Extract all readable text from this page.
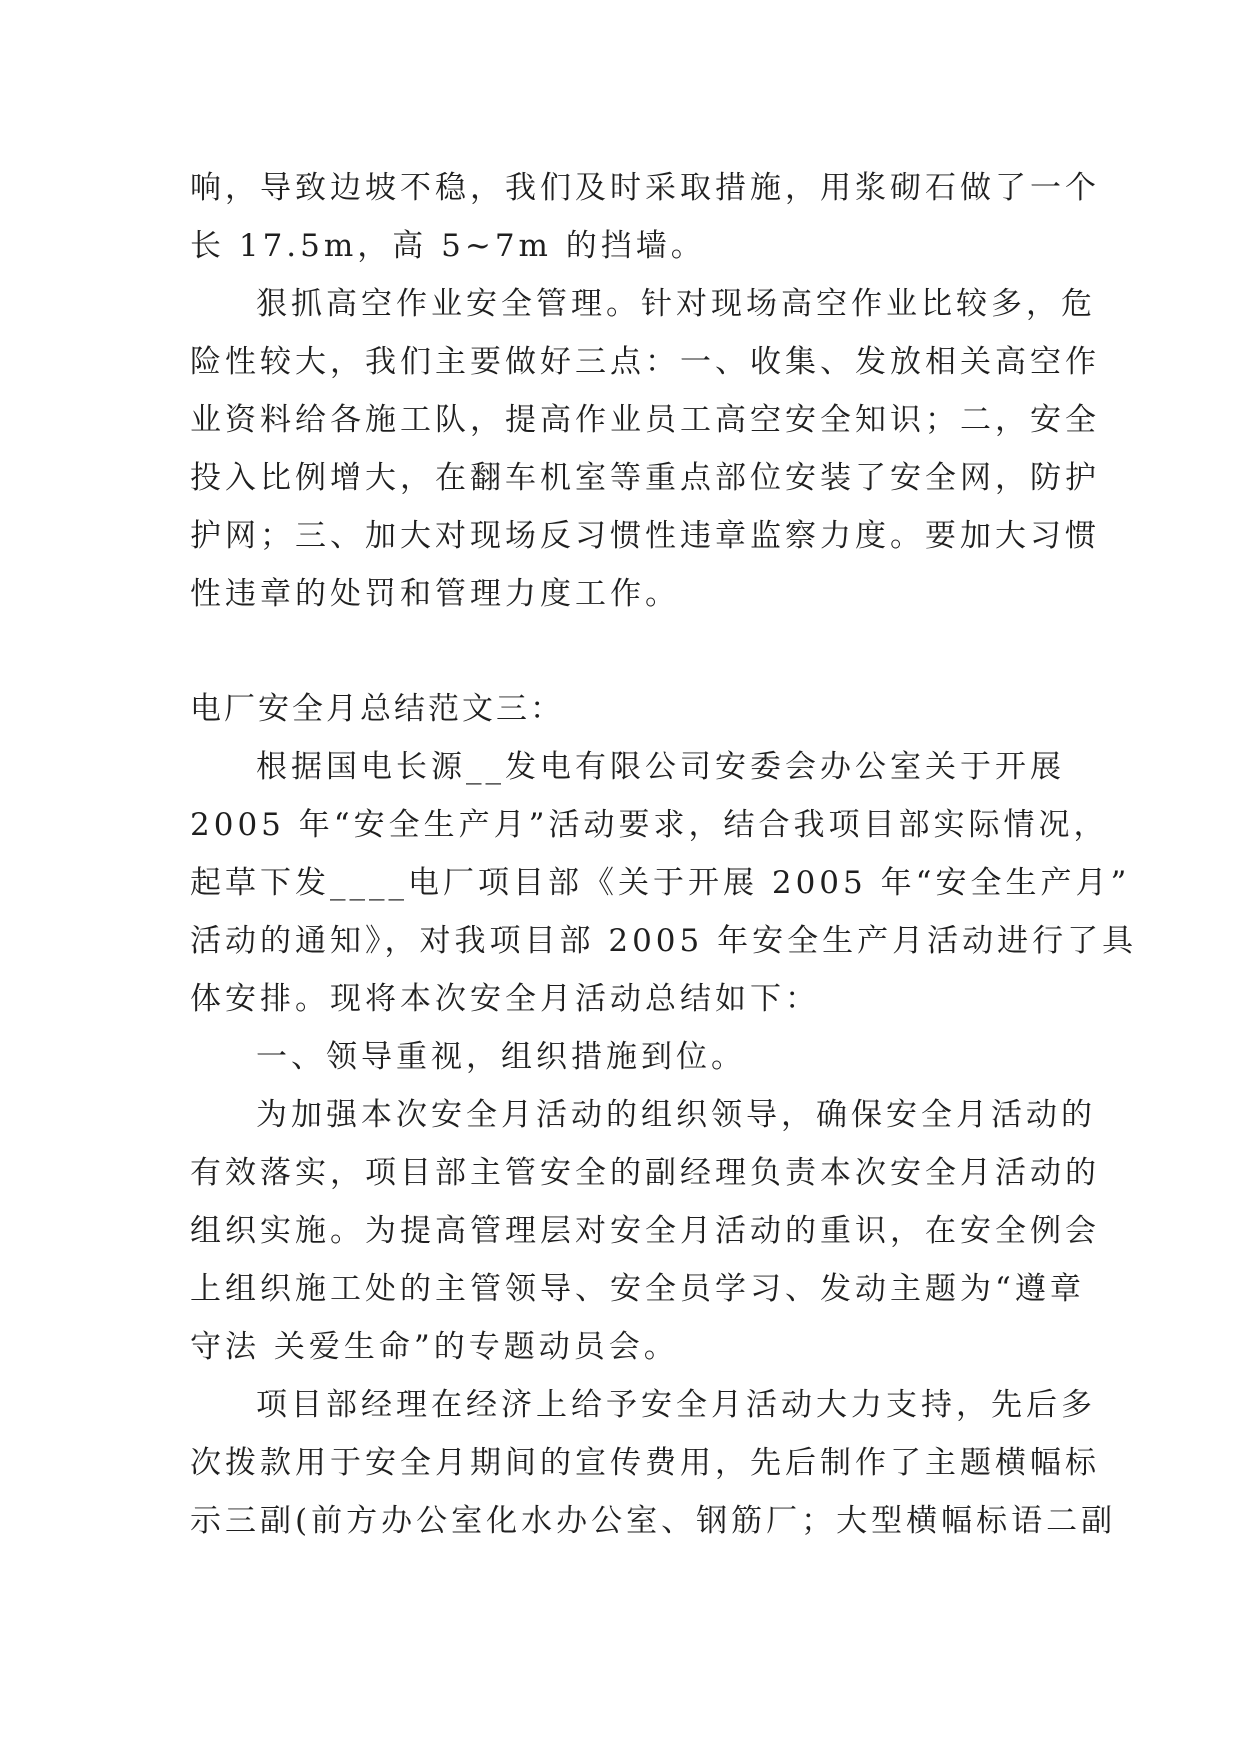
响，导致边坡不稳，我们及时采取措施，用浆砌石做了一个
长 17.5m，高 5~7m 的挡墙。
狠抓高空作业安全管理。针对现场高空作业比较多，危
险性较大，我们主要做好三点：一、收集、发放相关高空作
业资料给各施工队，提高作业员工高空安全知识；二，安全
投入比例增大，在翻车机室等重点部位安装了安全网，防护
护网；三、加大对现场反习惯性违章监察力度。要加大习惯
性违章的处罚和管理力度工作。
电厂安全月总结范文三：
根据国电长源__发电有限公司安委会办公室关于开展
2005 年“安全生产月”活动要求，结合我项目部实际情况，
起草下发____电厂项目部《关于开展 2005 年“安全生产月”
活动的通知》，对我项目部 2005 年安全生产月活动进行了具
体安排。现将本次安全月活动总结如下：
一、领导重视，组织措施到位。
为加强本次安全月活动的组织领导，确保安全月活动的
有效落实，项目部主管安全的副经理负责本次安全月活动的
组织实施。为提高管理层对安全月活动的重识，在安全例会
上组织施工处的主管领导、安全员学习、发动主题为“遵章
守法 关爱生命”的专题动员会。
项目部经理在经济上给予安全月活动大力支持，先后多
次拨款用于安全月期间的宣传费用，先后制作了主题横幅标
示三副(前方办公室化水办公室、钢筋厂；大型横幅标语二副
